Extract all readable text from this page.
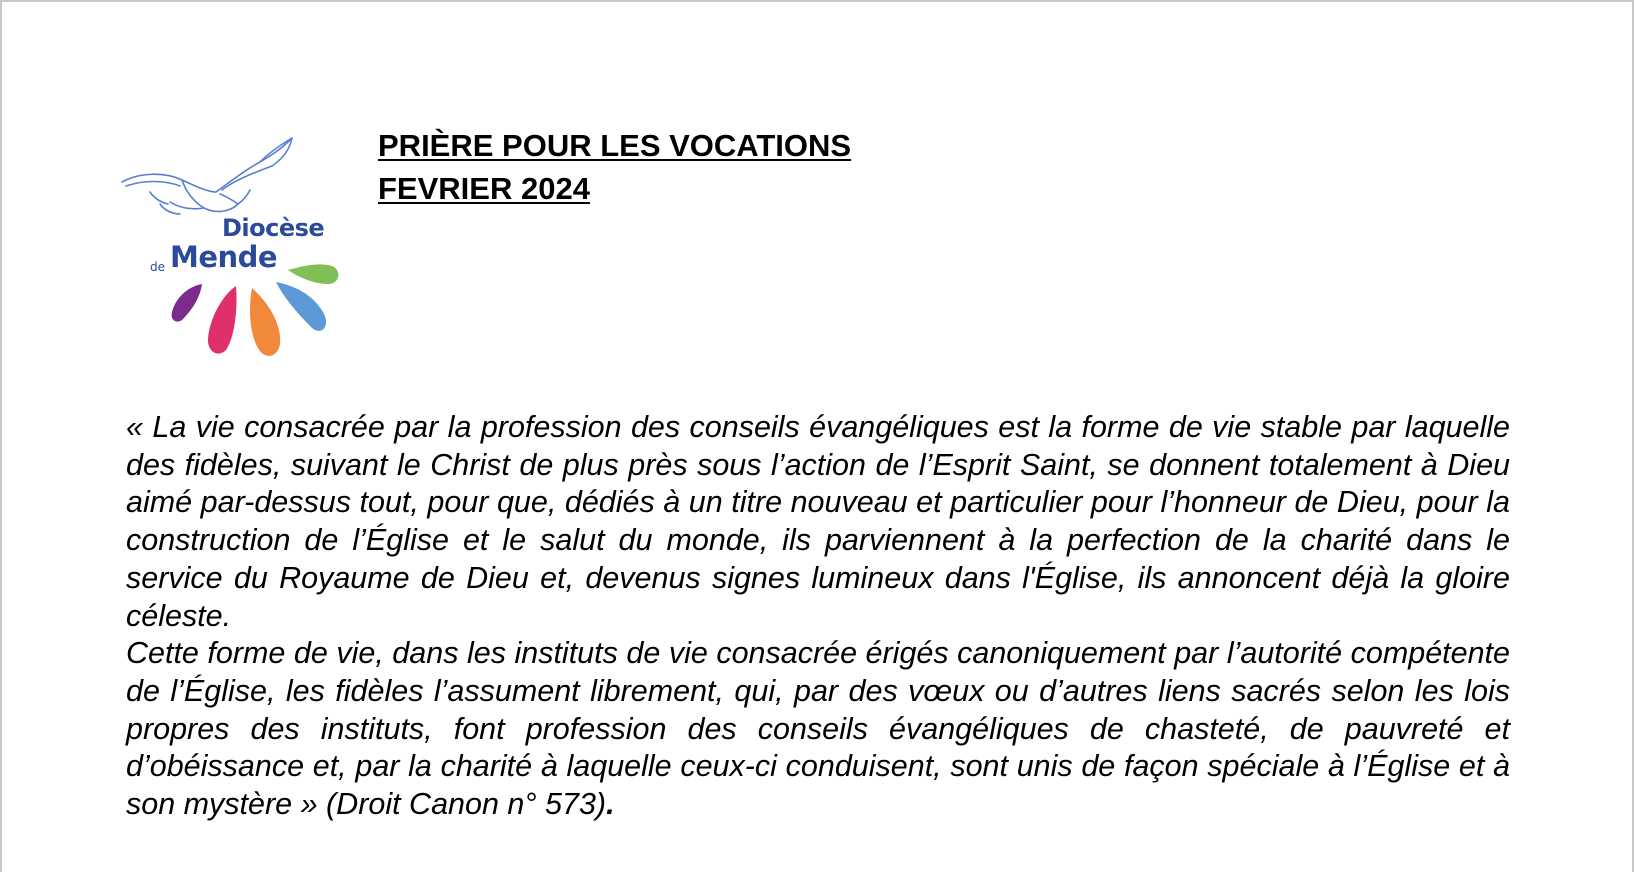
Diocèse
de Mende
PRIÈRE POUR LES VOCATIONS
FEVRIER 2024

« La vie consacrée par la profession des conseils évangéliques est la forme de vie stable par laquelle des fidèles, suivant le Christ de plus près sous l’action de l’Esprit Saint, se donnent totalement à Dieu aimé par-dessus tout, pour que, dédiés à un titre nouveau et particulier pour l’honneur de Dieu, pour la construction de l’Église et le salut du monde, ils parviennent à la perfection de la charité dans le service du Royaume de Dieu et, devenus signes lumineux dans l'Église, ils annoncent déjà la gloire céleste.

Cette forme de vie, dans les instituts de vie consacrée érigés canoniquement par l’autorité compétente de l’Église, les fidèles l’assument librement, qui, par des vœux ou d’autres liens sacrés selon les lois propres des instituts, font profession des conseils évangéliques de chasteté, de pauvreté et d’obéissance et, par la charité à laquelle ceux-ci conduisent, sont unis de façon spéciale à l’Église et à son mystère » (Droit Canon n° 573).
